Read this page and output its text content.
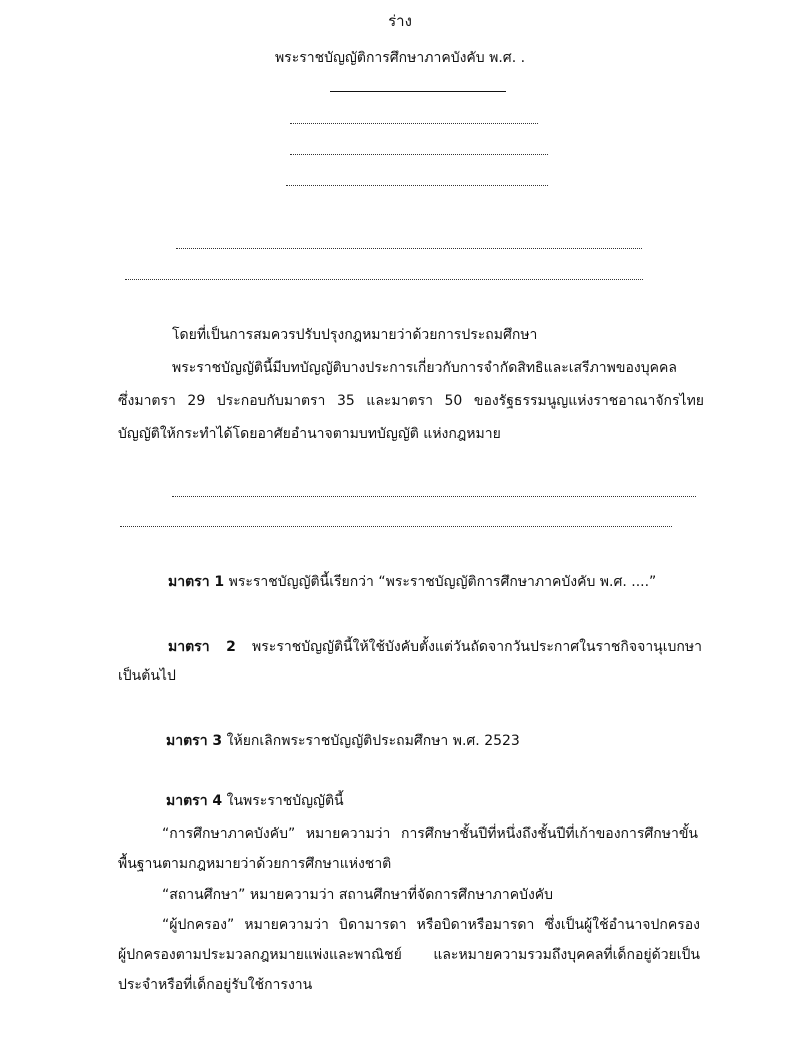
ร่าง
พระราชบัญญัติการศึกษาภาคบังคับ พ.ศ. .
โดยที่เป็นการสมควรปรับปรุงกฎหมายว่าด้วยการประถมศึกษา
พระราชบัญญัตินี้มีบทบัญญัติบางประการเกี่ยวกับการจำกัดสิทธิและเสรีภาพของบุคคล
ซึ่งมาตรา 29 ประกอบกับมาตรา 35 และมาตรา 50 ของรัฐธรรมนูญแห่งราชอาณาจักรไทย
บัญญัติให้กระทำได้โดยอาศัยอำนาจตามบทบัญญัติ แห่งกฎหมาย
มาตรา 1 พระราชบัญญัตินี้เรียกว่า “พระราชบัญญัติการศึกษาภาคบังคับ พ.ศ. ....”
มาตรา 2 พระราชบัญญัตินี้ให้ใช้บังคับตั้งแต่วันถัดจากวันประกาศในราชกิจจานุเบกษา
เป็นต้นไป
มาตรา 3 ให้ยกเลิกพระราชบัญญัติประถมศึกษา พ.ศ. 2523
มาตรา 4 ในพระราชบัญญัตินี้
“การศึกษาภาคบังคับ” หมายความว่า การศึกษาชั้นปีที่หนึ่งถึงชั้นปีที่เก้าของการศึกษาขั้น
พื้นฐานตามกฎหมายว่าด้วยการศึกษาแห่งชาติ
“สถานศึกษา” หมายความว่า สถานศึกษาที่จัดการศึกษาภาคบังคับ
“ผู้ปกครอง” หมายความว่า บิดามารดา หรือบิดาหรือมารดา ซึ่งเป็นผู้ใช้อำนาจปกครอง
ผู้ปกครองตามประมวลกฎหมายแพ่งและพาณิชย์ และหมายความรวมถึงบุคคลที่เด็กอยู่ด้วยเป็น
ประจำหรือที่เด็กอยู่รับใช้การงาน
